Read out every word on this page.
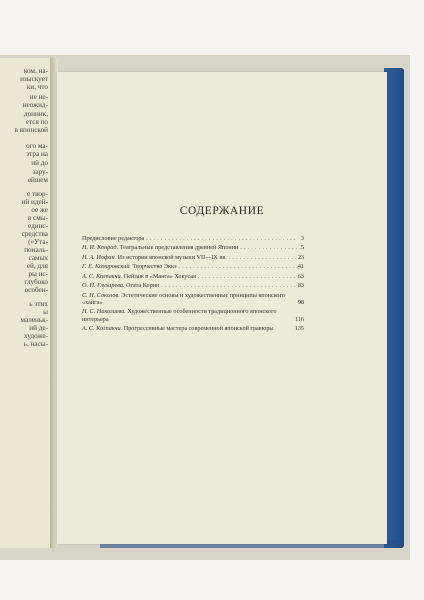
ком, на-
изыскует
ки, что
ие не-
неожид-
донник,
ется по
в японской
ого ма-
этра на
ий до
зару-
ейшем
е твор-
ий идей-
ое же
в смы-
единс-
средства
(«Ута-
пональ-
самых
ей, для
ры ис-
глубоко
особен-
ь этих
ы
маленьк-
ий де-
художе-
ь, насы-
СОДЕРЖАНИЕ
Предисловие редактора . . .	3
Н. И. Конрад. Театральные представления древней Японии . . .	5
Н. А. Иофан. Из истории японской музыки VII—IX вв. . . .	23
Г. Е. Комаровский. Творчество Эккэ . . .	41
А. С. Колпакчи. Пейзаж в «Манга» Хокусая . . .	63
О. Н. Глухарева. Огата Корин . . .	83
С. Н. Соколов. Эстетические основы и художественные принципы японского «хайга»	98
Н. С. Николаева. Художественные особенности традиционного японского интерьера	116
А. С. Колпакчи. Прогрессивные мастера современной японской гравюры	135
